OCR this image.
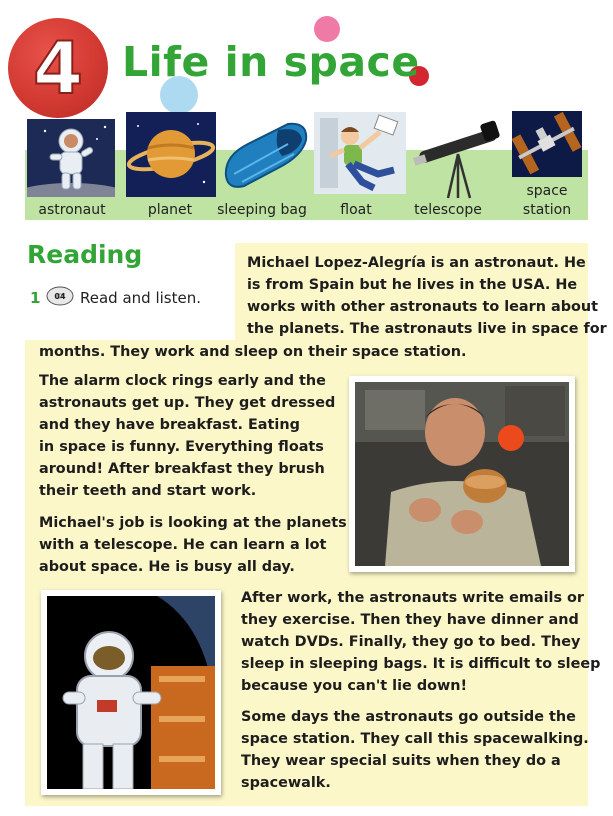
4 Life in space
astronaut	planet	sleeping bag	float	telescope
space
station
Reading
1 04 Read and listen.
Michael Lopez-Alegría is an astronaut. He
is from Spain but he lives in the USA. He
works with other astronauts to learn about
the planets. The astronauts live in space for
months. They work and sleep on their space station.
The alarm clock rings early and the
astronauts get up. They get dressed
and they have breakfast. Eating
in space is funny. Everything floats
around! After breakfast they brush
their teeth and start work.
Michael's job is looking at the planets
with a telescope. He can learn a lot
about space. He is busy all day.
After work, the astronauts write emails or
they exercise. Then they have dinner and
watch DVDs. Finally, they go to bed. They
sleep in sleeping bags. It is difficult to sleep
because you can't lie down!
Some days the astronauts go outside the
space station. They call this spacewalking.
They wear special suits when they do a
spacewalk.
